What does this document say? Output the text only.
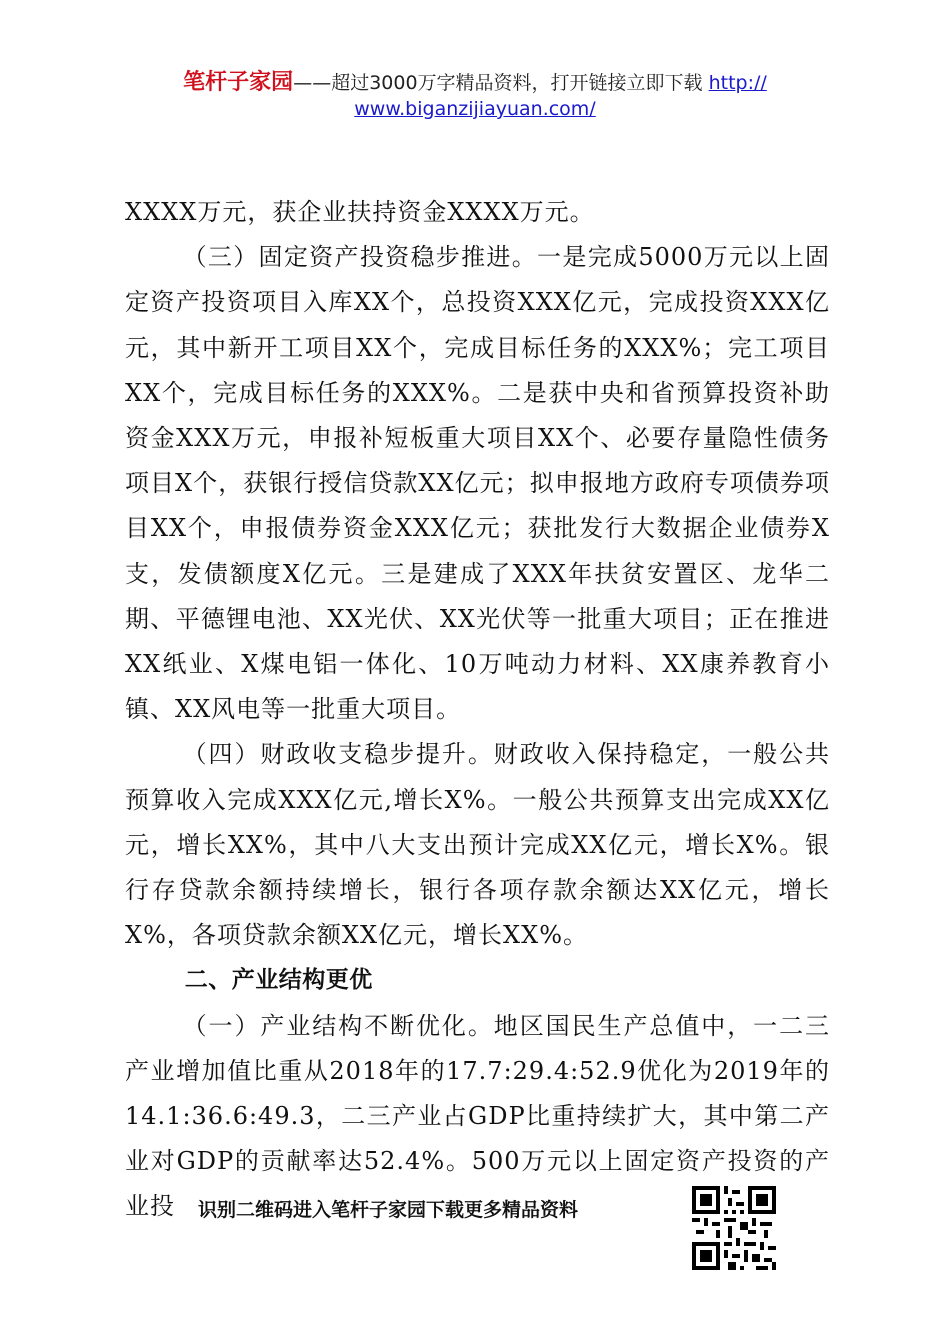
笔杆子家园——超过3000万字精品资料，打开链接立即下载 http://
www.biganzijiayuan.com/

XXXX万元，获企业扶持资金XXXX万元。

（三）固定资产投资稳步推进。一是完成5000万元以上固定资产投资项目入库XX个，总投资XXX亿元，完成投资XXX亿元，其中新开工项目XX个，完成目标任务的XXX%；完工项目XX个，完成目标任务的XXX%。二是获中央和省预算投资补助资金XXX万元，申报补短板重大项目XX个、必要存量隐性债务项目X个，获银行授信贷款XX亿元；拟申报地方政府专项债券项目XX个，申报债券资金XXX亿元；获批发行大数据企业债券X支，发债额度X亿元。三是建成了XXX年扶贫安置区、龙华二期、平德锂电池、XX光伏、XX光伏等一批重大项目；正在推进XX纸业、X煤电铝一体化、10万吨动力材料、XX康养教育小镇、XX风电等一批重大项目。

（四）财政收支稳步提升。财政收入保持稳定，一般公共预算收入完成XXX亿元,增长X%。一般公共预算支出完成XX亿元，增长XX%，其中八大支出预计完成XX亿元，增长X%。银行存贷款余额持续增长，银行各项存款余额达XX亿元，增长X%，各项贷款余额XX亿元，增长XX%。

二、产业结构更优

（一）产业结构不断优化。地区国民生产总值中，一二三产业增加值比重从2018年的17.7:29.4:52.9优化为2019年的14.1:36.6:49.3，二三产业占GDP比重持续扩大，其中第二产业对GDP的贡献率达52.4%。500万元以上固定资产投资的产业投	识别二维码进入笔杆子家园下载更多精品资料
